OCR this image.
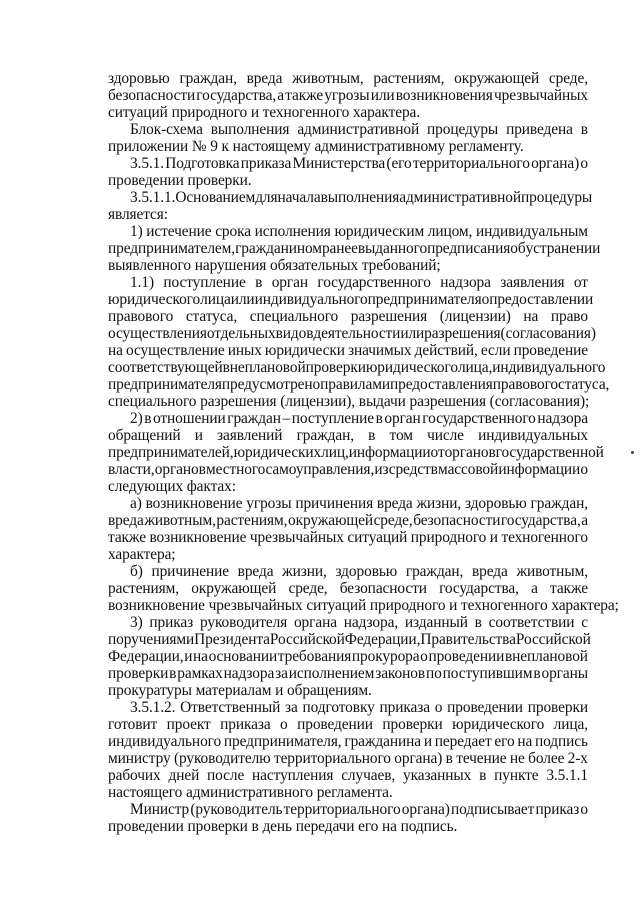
здоровью граждан, вреда животным, растениям, окружающей среде,
безопасности государства, а также угрозы или возникновения чрезвычайных
ситуаций природного и техногенного характера.
Блок-схема выполнения административной процедуры приведена в
приложении № 9 к настоящему административному регламенту.
3.5.1. Подготовка приказа Министерства (его территориального органа) о
проведении проверки.
3.5.1.1. Основанием для начала выполнения административной процедуры
является:
1) истечение срока исполнения юридическим лицом, индивидуальным
предпринимателем, гражданином ранее выданного предписания об устранении
выявленного нарушения обязательных требований;
1.1) поступление в орган государственного надзора заявления от
юридического лица или индивидуального предпринимателя о предоставлении
правового статуса, специального разрешения (лицензии) на право
осуществления отдельных видов деятельности или разрешения (согласования)
на осуществление иных юридически значимых действий, если проведение
соответствующей внеплановой проверки юридического лица, индивидуального
предпринимателя предусмотрено правилами предоставления правового статуса,
специального разрешения (лицензии), выдачи разрешения (согласования);
2) в отношении граждан – поступление в орган государственного надзора
обращений и заявлений граждан, в том числе индивидуальных
предпринимателей, юридических лиц, информации от органов государственной
власти, органов местного самоуправления, из средств массовой информации о
следующих фактах:
а) возникновение угрозы причинения вреда жизни, здоровью граждан,
вреда животным, растениям, окружающей среде, безопасности государства, а
также возникновение чрезвычайных ситуаций природного и техногенного
характера;
б) причинение вреда жизни, здоровью граждан, вреда животным,
растениям, окружающей среде, безопасности государства, а также
возникновение чрезвычайных ситуаций природного и техногенного характера;
3) приказ руководителя органа надзора, изданный в соответствии с
поручениями Президента Российской Федерации, Правительства Российской
Федерации, и на основании требования прокурора о проведении внеплановой
проверки в рамках надзора за исполнением законов по поступившим в органы
прокуратуры материалам и обращениям.
3.5.1.2. Ответственный за подготовку приказа о проведении проверки
готовит проект приказа о проведении проверки юридического лица,
индивидуального предпринимателя, гражданина и передает его на подпись
министру (руководителю территориального органа) в течение не более 2-х
рабочих дней после наступления случаев, указанных в пункте 3.5.1.1
настоящего административного регламента.
Министр (руководитель территориального органа) подписывает приказ о
проведении проверки в день передачи его на подпись.
